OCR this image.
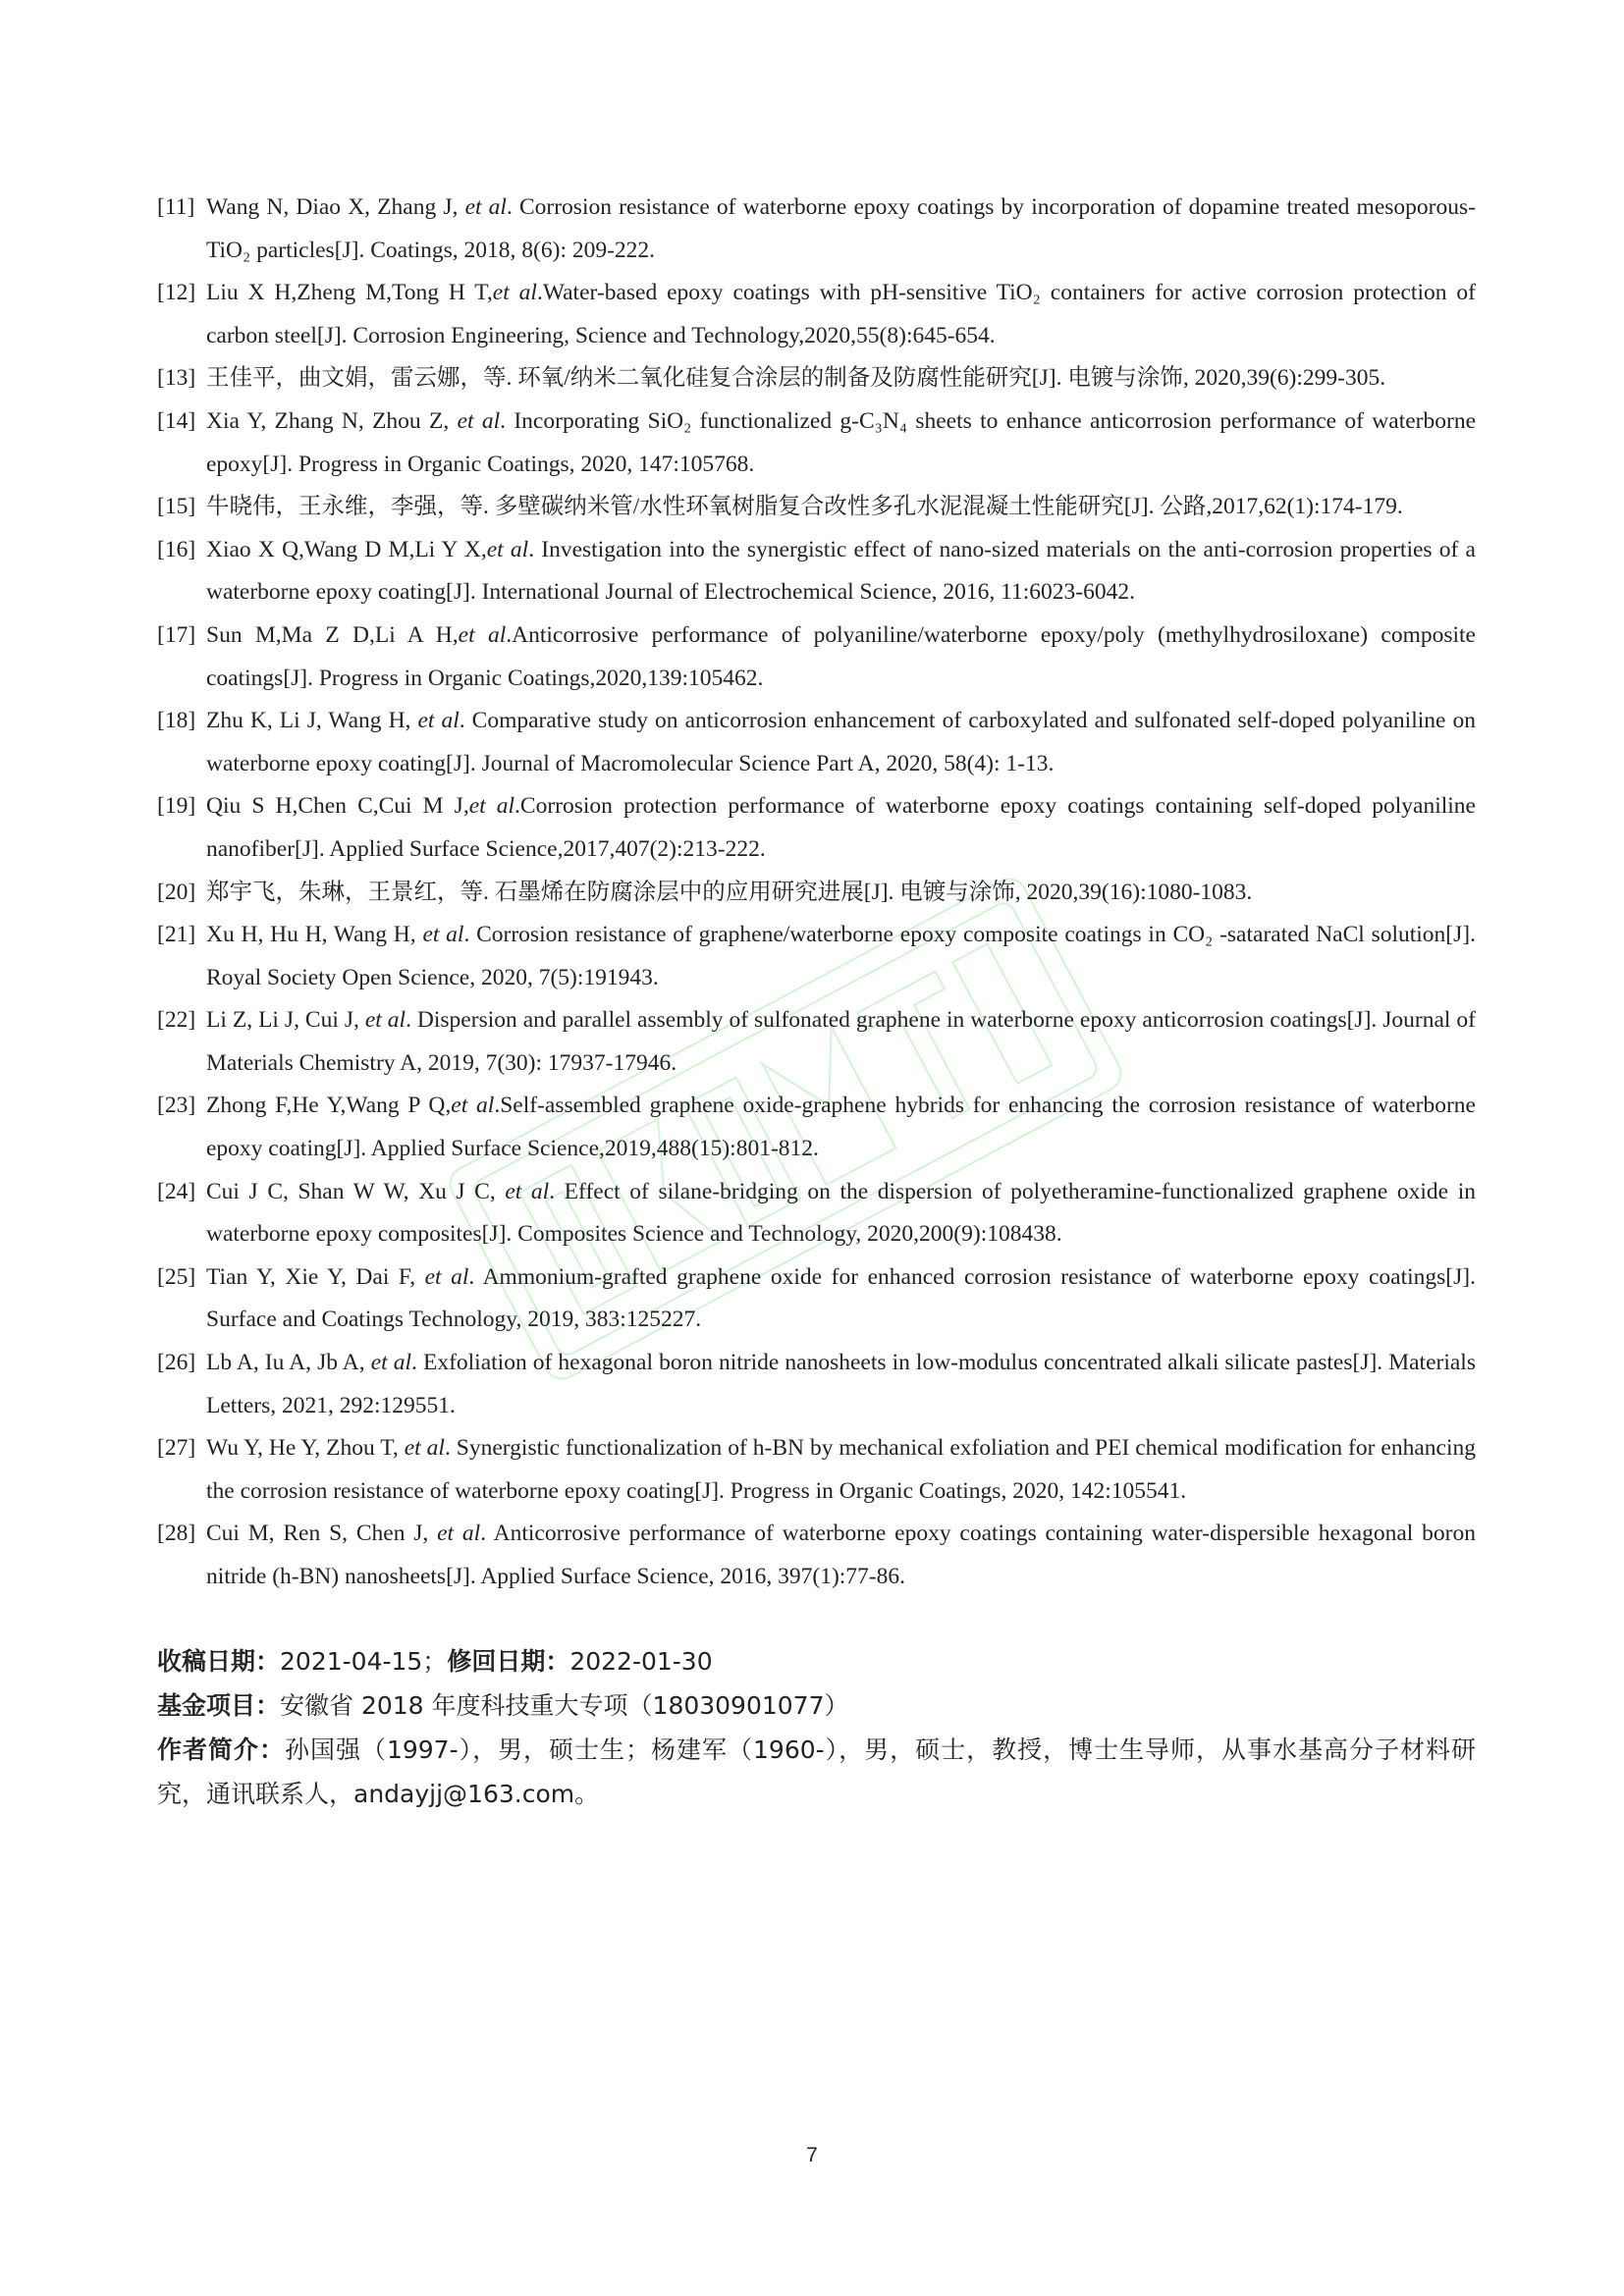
[11] Wang N, Diao X, Zhang J, et al. Corrosion resistance of waterborne epoxy coatings by incorporation of dopamine treated mesoporous-TiO₂ particles[J]. Coatings, 2018, 8(6): 209-222.

[12] Liu X H,Zheng M,Tong H T,et al.Water-based epoxy coatings with pH-sensitive TiO₂ containers for active corrosion protection of carbon steel[J]. Corrosion Engineering, Science and Technology,2020,55(8):645-654.

[13] 王佳平，曲文娟，雷云娜，等. 环氧/纳米二氧化硅复合涂层的制备及防腐性能研究[J]. 电镀与涂饰, 2020,39(6):299-305.

[14] Xia Y, Zhang N, Zhou Z, et al. Incorporating SiO₂ functionalized g-C₃N₄ sheets to enhance anticorrosion performance of waterborne epoxy[J]. Progress in Organic Coatings, 2020, 147:105768.

[15] 牛晓伟，王永维，李强，等. 多壁碳纳米管/水性环氧树脂复合改性多孔水泥混凝土性能研究[J]. 公路,2017,62(1):174-179.

[16] Xiao X Q,Wang D M,Li Y X,et al. Investigation into the synergistic effect of nano-sized materials on the anti-corrosion properties of a waterborne epoxy coating[J]. International Journal of Electrochemical Science, 2016, 11:6023-6042.

[17] Sun M,Ma Z D,Li A H,et al.Anticorrosive performance of polyaniline/waterborne epoxy/poly (methylhydrosiloxane) composite coatings[J]. Progress in Organic Coatings,2020,139:105462.

[18] Zhu K, Li J, Wang H, et al. Comparative study on anticorrosion enhancement of carboxylated and sulfonated self-doped polyaniline on waterborne epoxy coating[J]. Journal of Macromolecular Science Part A, 2020, 58(4): 1-13.

[19] Qiu S H,Chen C,Cui M J,et al.Corrosion protection performance of waterborne epoxy coatings containing self-doped polyaniline nanofiber[J]. Applied Surface Science,2017,407(2):213-222.

[20] 郑宇飞，朱琳，王景红，等. 石墨烯在防腐涂层中的应用研究进展[J]. 电镀与涂饰, 2020,39(16):1080-1083.

[21] Xu H, Hu H, Wang H, et al. Corrosion resistance of graphene/waterborne epoxy composite coatings in CO₂ -satarated NaCl solution[J]. Royal Society Open Science, 2020, 7(5):191943.

[22] Li Z, Li J, Cui J, et al. Dispersion and parallel assembly of sulfonated graphene in waterborne epoxy anticorrosion coatings[J]. Journal of Materials Chemistry A, 2019, 7(30): 17937-17946.

[23] Zhong F,He Y,Wang P Q,et al.Self-assembled graphene oxide-graphene hybrids for enhancing the corrosion resistance of waterborne epoxy coating[J]. Applied Surface Science,2019,488(15):801-812.

[24] Cui J C, Shan W W, Xu J C, et al. Effect of silane-bridging on the dispersion of polyetheramine-functionalized graphene oxide in waterborne epoxy composites[J]. Composites Science and Technology, 2020,200(9):108438.

[25] Tian Y, Xie Y, Dai F, et al. Ammonium-grafted graphene oxide for enhanced corrosion resistance of waterborne epoxy coatings[J]. Surface and Coatings Technology, 2019, 383:125227.

[26] Lb A, Iu A, Jb A, et al. Exfoliation of hexagonal boron nitride nanosheets in low-modulus concentrated alkali silicate pastes[J]. Materials Letters, 2021, 292:129551.

[27] Wu Y, He Y, Zhou T, et al. Synergistic functionalization of h-BN by mechanical exfoliation and PEI chemical modification for enhancing the corrosion resistance of waterborne epoxy coating[J]. Progress in Organic Coatings, 2020, 142:105541.

[28] Cui M, Ren S, Chen J, et al. Anticorrosive performance of waterborne epoxy coatings containing water-dispersible hexagonal boron nitride (h-BN) nanosheets[J]. Applied Surface Science, 2016, 397(1):77-86.

收稿日期：2021-04-15；修回日期：2022-01-30

基金项目：安徽省 2018 年度科技重大专项（18030901077）

作者简介：孙国强（1997-），男，硕士生；杨建军（1960-），男，硕士，教授，博士生导师，从事水基高分子材料研究，通讯联系人，andayjj@163.com。

7
